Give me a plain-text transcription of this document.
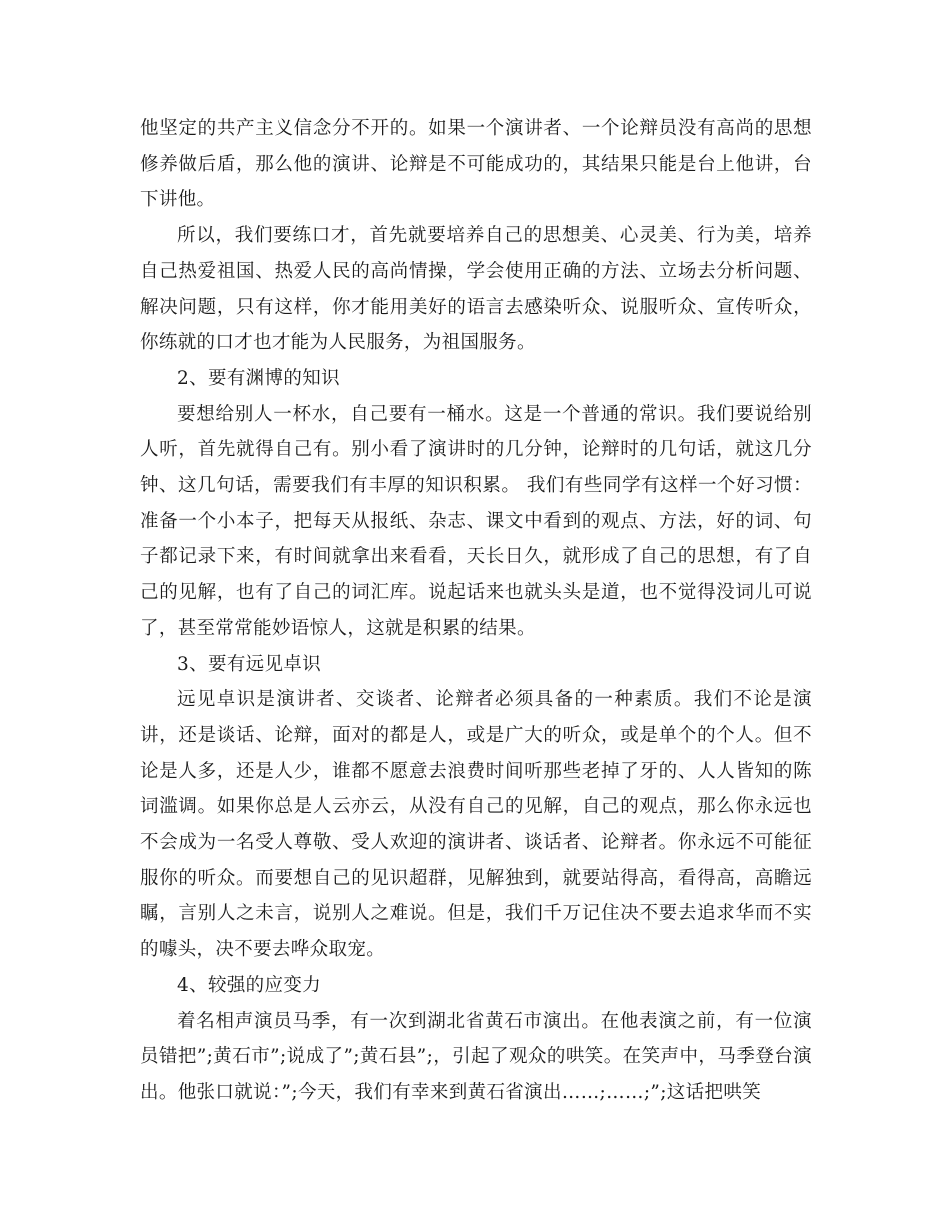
他坚定的共产主义信念分不开的。如果一个演讲者、一个论辩员没有高尚的思想修养做后盾，那么他的演讲、论辩是不可能成功的，其结果只能是台上他讲，台下讲他。

所以，我们要练口才，首先就要培养自己的思想美、心灵美、行为美，培养自己热爱祖国、热爱人民的高尚情操，学会使用正确的方法、立场去分析问题、解决问题，只有这样，你才能用美好的语言去感染听众、说服听众、宣传听众，你练就的口才也才能为人民服务，为祖国服务。

2、要有渊博的知识

要想给别人一杯水，自己要有一桶水。这是一个普通的常识。我们要说给别人听，首先就得自己有。别小看了演讲时的几分钟，论辩时的几句话，就这几分钟、这几句话，需要我们有丰厚的知识积累。 我们有些同学有这样一个好习惯：准备一个小本子，把每天从报纸、杂志、课文中看到的观点、方法，好的词、句子都记录下来，有时间就拿出来看看，天长日久，就形成了自己的思想，有了自己的见解，也有了自己的词汇库。说起话来也就头头是道，也不觉得没词儿可说了，甚至常常能妙语惊人，这就是积累的结果。

3、要有远见卓识

远见卓识是演讲者、交谈者、论辩者必须具备的一种素质。我们不论是演讲，还是谈话、论辩，面对的都是人，或是广大的听众，或是单个的个人。但不论是人多，还是人少，谁都不愿意去浪费时间听那些老掉了牙的、人人皆知的陈词滥调。如果你总是人云亦云，从没有自己的见解，自己的观点，那么你永远也不会成为一名受人尊敬、受人欢迎的演讲者、谈话者、论辩者。你永远不可能征服你的听众。而要想自己的见识超群，见解独到，就要站得高，看得高，高瞻远瞩，言别人之未言，说别人之难说。但是，我们千万记住决不要去追求华而不实的噱头，决不要去哗众取宠。

4、较强的应变力

着名相声演员马季，有一次到湖北省黄石市演出。在他表演之前，有一位演员错把”;黄石市”;说成了”;黄石县”;，引起了观众的哄笑。在笑声中，马季登台演出。他张口就说：”;今天，我们有幸来到黄石省演出……;……;”;这话把哄笑
